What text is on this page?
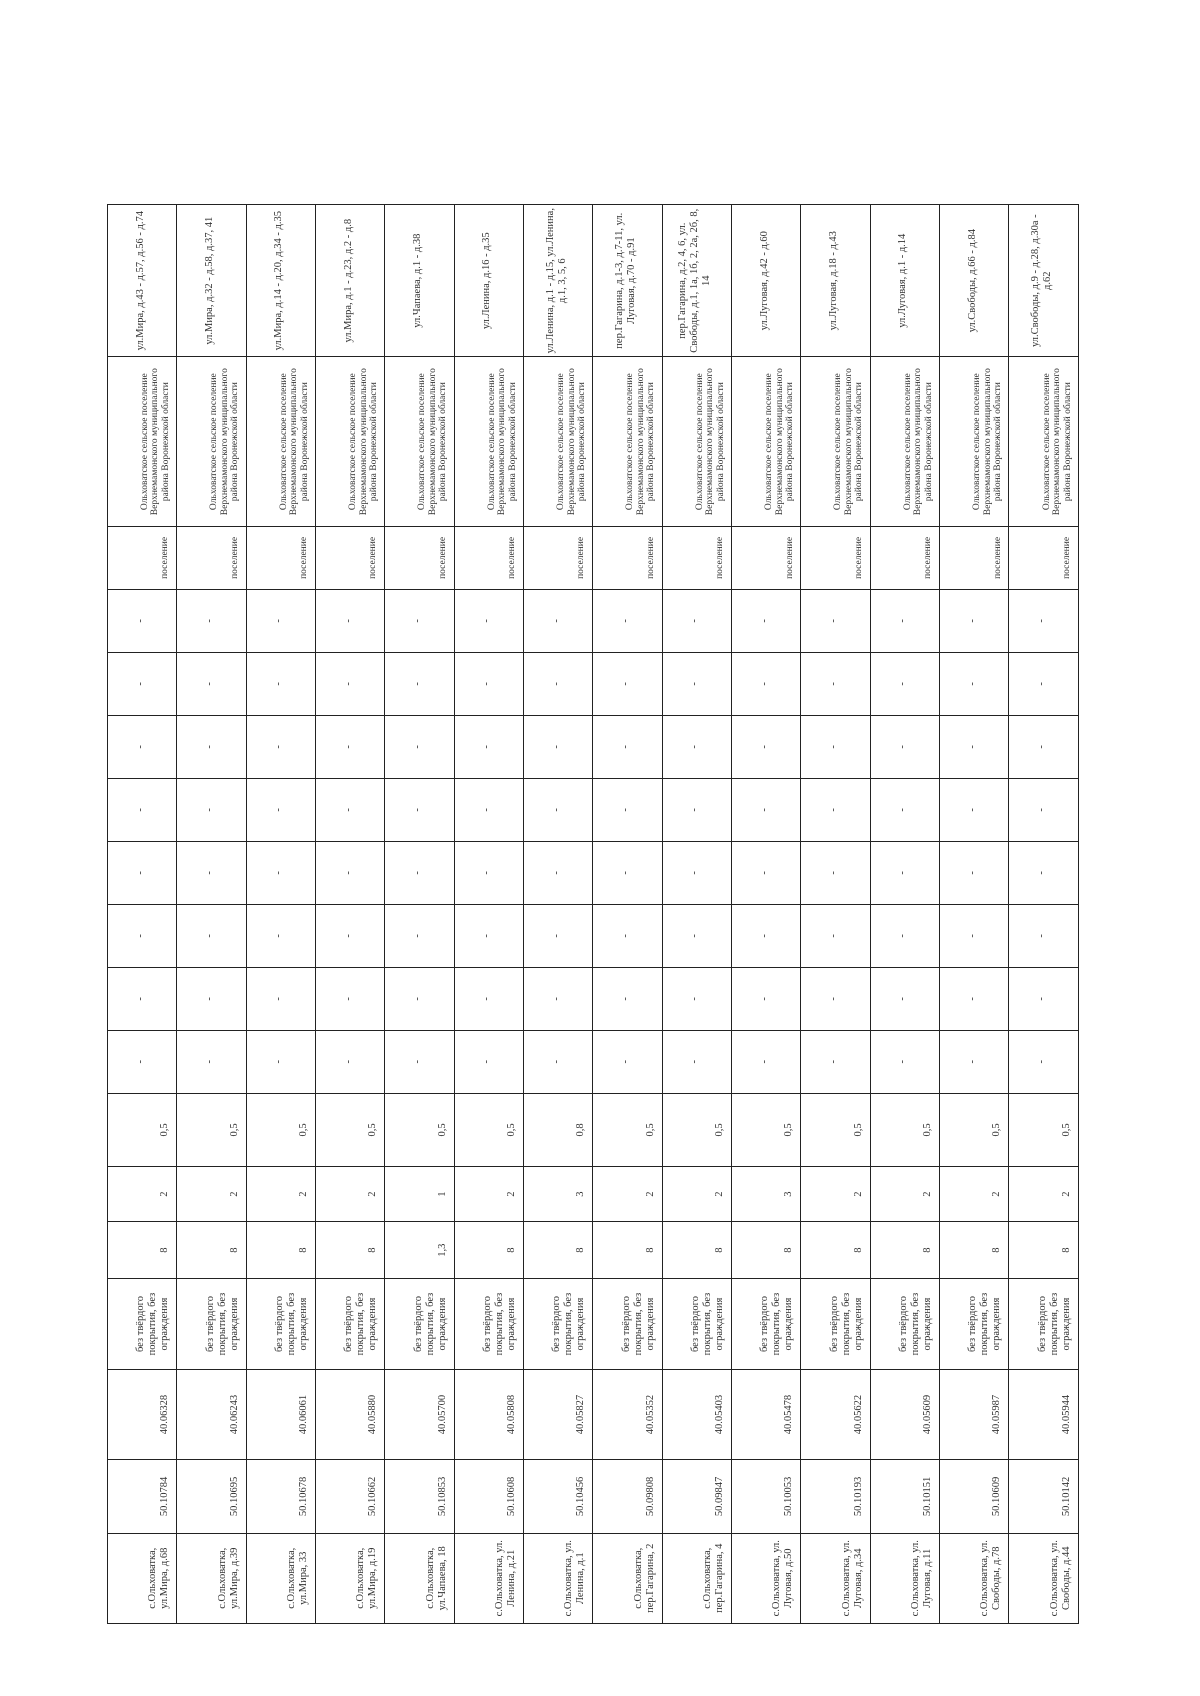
с.Ольховатка, ул.Мира, д.68	50.10784	40.06328	без твёрдого покрытия, без ограждения	8	2	0,5	-	-	-	-	-	-	-	-	поселение	Ольховатское сельское поселение Верхнемамонского муниципального района Воронежской области	ул.Мира, д.43 - д.57, д.56 - д.74
с.Ольховатка, ул.Мира, д.39	50.10695	40.06243	без твёрдого покрытия, без ограждения	8	2	0,5	-	-	-	-	-	-	-	-	поселение	Ольховатское сельское поселение Верхнемамонского муниципального района Воронежской области	ул.Мира, д.32 - д.58, д.37, 41
с.Ольховатка, ул.Мира, 33	50.10678	40.06061	без твёрдого покрытия, без ограждения	8	2	0,5	-	-	-	-	-	-	-	-	поселение	Ольховатское сельское поселение Верхнемамонского муниципального района Воронежской области	ул.Мира, д.14 - д.20, д.34 - д.35
с.Ольховатка, ул.Мира, д.19	50.10662	40.05880	без твёрдого покрытия, без ограждения	8	2	0,5	-	-	-	-	-	-	-	-	поселение	Ольховатское сельское поселение Верхнемамонского муниципального района Воронежской области	ул.Мира, д.1 - д.23, д.2 - д.8
с.Ольховатка, ул.Чапаева, 18	50.10853	40.05700	без твёрдого покрытия, без ограждения	1,3	1	0,5	-	-	-	-	-	-	-	-	поселение	Ольховатское сельское поселение Верхнемамонского муниципального района Воронежской области	ул.Чапаева, д.1 - д.38
с.Ольховатка, ул. Ленина, д.21	50.10608	40.05808	без твёрдого покрытия, без ограждения	8	2	0,5	-	-	-	-	-	-	-	-	поселение	Ольховатское сельское поселение Верхнемамонского муниципального района Воронежской области	ул.Ленина, д.16 - д.35
с.Ольховатка, ул. Ленина, д.1	50.10456	40.05827	без твёрдого покрытия, без ограждения	8	3	0,8	-	-	-	-	-	-	-	-	поселение	Ольховатское сельское поселение Верхнемамонского муниципального района Воронежской области	ул.Ленина, д.1 - д.15, ул.Ленина, д.1, 3, 5, 6
с.Ольховатка, пер.Гагарина, 2	50.09808	40.05352	без твёрдого покрытия, без ограждения	8	2	0,5	-	-	-	-	-	-	-	-	поселение	Ольховатское сельское поселение Верхнемамонского муниципального района Воронежской области	пер.Гагарина, д.1-3, д.7-11, ул. Луговая, д.70 - д.91
с.Ольховатка, пер.Гагарина, 4	50.09847	40.05403	без твёрдого покрытия, без ограждения	8	2	0,5	-	-	-	-	-	-	-	-	поселение	Ольховатское сельское поселение Верхнемамонского муниципального района Воронежской области	пер.Гагарина, д.2, 4, 6, ул. Свободы, д.1, 1а, 1б, 2, 2а, 2б, 8, 14
с.Ольховатка, ул. Луговая, д.50	50.10053	40.05478	без твёрдого покрытия, без ограждения	8	3	0,5	-	-	-	-	-	-	-	-	поселение	Ольховатское сельское поселение Верхнемамонского муниципального района Воронежской области	ул.Луговая, д.42 - д.60
с.Ольховатка, ул. Луговая, д.34	50.10193	40.05622	без твёрдого покрытия, без ограждения	8	2	0,5	-	-	-	-	-	-	-	-	поселение	Ольховатское сельское поселение Верхнемамонского муниципального района Воронежской области	ул.Луговая, д.18 - д.43
с.Ольховатка, ул. Луговая, д.11	50.10151	40.05609	без твёрдого покрытия, без ограждения	8	2	0,5	-	-	-	-	-	-	-	-	поселение	Ольховатское сельское поселение Верхнемамонского муниципального района Воронежской области	ул.Луговая, д.1 - д.14
с.Ольховатка, ул. Свободы, д.78	50.10609	40.05987	без твёрдого покрытия, без ограждения	8	2	0,5	-	-	-	-	-	-	-	-	поселение	Ольховатское сельское поселение Верхнемамонского муниципального района Воронежской области	ул.Свободы, д.66 - д.84
с.Ольховатка, ул. Свободы, д.44	50.10142	40.05944	без твёрдого покрытия, без ограждения	8	2	0,5	-	-	-	-	-	-	-	-	поселение	Ольховатское сельское поселение Верхнемамонского муниципального района Воронежской области	ул.Свободы, д.9 - д.28, д.30а - д.62
